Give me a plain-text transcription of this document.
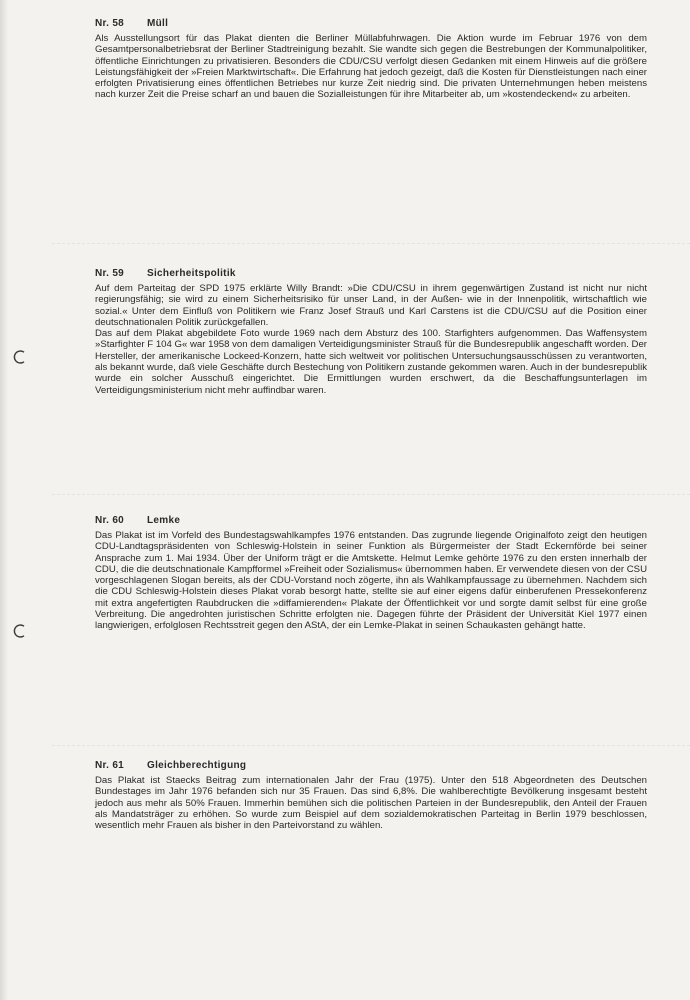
Nr. 58 Müll

Als Ausstellungsort für das Plakat dienten die Berliner Müllabfuhrwagen. Die Aktion wurde im Februar 1976 von dem Gesamtpersonalbetriebsrat der Berliner Stadtreinigung bezahlt. Sie wandte sich gegen die Bestrebungen der Kommunalpolitiker, öffentliche Einrichtungen zu privatisieren. Besonders die CDU/CSU verfolgt diesen Gedanken mit einem Hinweis auf die größere Leistungsfähigkeit der »Freien Marktwirtschaft«. Die Erfahrung hat jedoch gezeigt, daß die Kosten für Dienstleistungen nach einer erfolgten Privatisierung eines öffentlichen Betriebes nur kurze Zeit niedrig sind. Die privaten Unternehmungen heben meistens nach kurzer Zeit die Preise scharf an und bauen die Sozialleistungen für ihre Mitarbeiter ab, um »kostendeckend« zu arbeiten.

Nr. 59 Sicherheitspolitik

Auf dem Parteitag der SPD 1975 erklärte Willy Brandt: »Die CDU/CSU in ihrem gegenwärtigen Zustand ist nicht nur nicht regierungsfähig; sie wird zu einem Sicherheitsrisiko für unser Land, in der Außen- wie in der Innenpolitik, wirtschaftlich wie sozial.« Unter dem Einfluß von Politikern wie Franz Josef Strauß und Karl Carstens ist die CDU/CSU auf die Position einer deutschnationalen Politik zurückgefallen.

Das auf dem Plakat abgebildete Foto wurde 1969 nach dem Absturz des 100. Starfighters aufgenommen. Das Waffensystem »Starfighter F 104 G« war 1958 von dem damaligen Verteidigungsminister Strauß für die Bundesrepublik angeschafft worden. Der Hersteller, der amerikanische Lockeed-Konzern, hatte sich weltweit vor politischen Untersuchungsausschüssen zu verantworten, als bekannt wurde, daß viele Geschäfte durch Bestechung von Politikern zustande gekommen waren. Auch in der bundesrepublik wurde ein solcher Ausschuß eingerichtet. Die Ermittlungen wurden erschwert, da die Beschaffungsunterlagen im Verteidigungsministerium nicht mehr auffindbar waren.

Nr. 60 Lemke

Das Plakat ist im Vorfeld des Bundestagswahlkampfes 1976 entstanden. Das zugrunde liegende Originalfoto zeigt den heutigen CDU-Landtagspräsidenten von Schleswig-Holstein in seiner Funktion als Bürgermeister der Stadt Eckernförde bei seiner Ansprache zum 1. Mai 1934. Über der Uniform trägt er die Amtskette. Helmut Lemke gehörte 1976 zu den ersten innerhalb der CDU, die die deutschnationale Kampfformel »Freiheit oder Sozialismus« übernommen haben. Er verwendete diesen von der CSU vorgeschlagenen Slogan bereits, als der CDU-Vorstand noch zögerte, ihn als Wahlkampfaussage zu übernehmen. Nachdem sich die CDU Schleswig-Holstein dieses Plakat vorab besorgt hatte, stellte sie auf einer eigens dafür einberufenen Pressekonferenz mit extra angefertigten Raubdrucken die »diffamierenden« Plakate der Öffentlichkeit vor und sorgte damit selbst für eine große Verbreitung. Die angedrohten juristischen Schritte erfolgten nie. Dagegen führte der Präsident der Universität Kiel 1977 einen langwierigen, erfolglosen Rechtsstreit gegen den AStA, der ein Lemke-Plakat in seinen Schaukasten gehängt hatte.

Nr. 61 Gleichberechtigung

Das Plakat ist Staecks Beitrag zum internationalen Jahr der Frau (1975). Unter den 518 Abgeordneten des Deutschen Bundestages im Jahr 1976 befanden sich nur 35 Frauen. Das sind 6,8%. Die wahlberechtigte Bevölkerung insgesamt besteht jedoch aus mehr als 50% Frauen. Immerhin bemühen sich die politischen Parteien in der Bundesrepublik, den Anteil der Frauen als Mandatsträger zu erhöhen. So wurde zum Beispiel auf dem sozialdemokratischen Parteitag in Berlin 1979 beschlossen, wesentlich mehr Frauen als bisher in den Parteivorstand zu wählen.
